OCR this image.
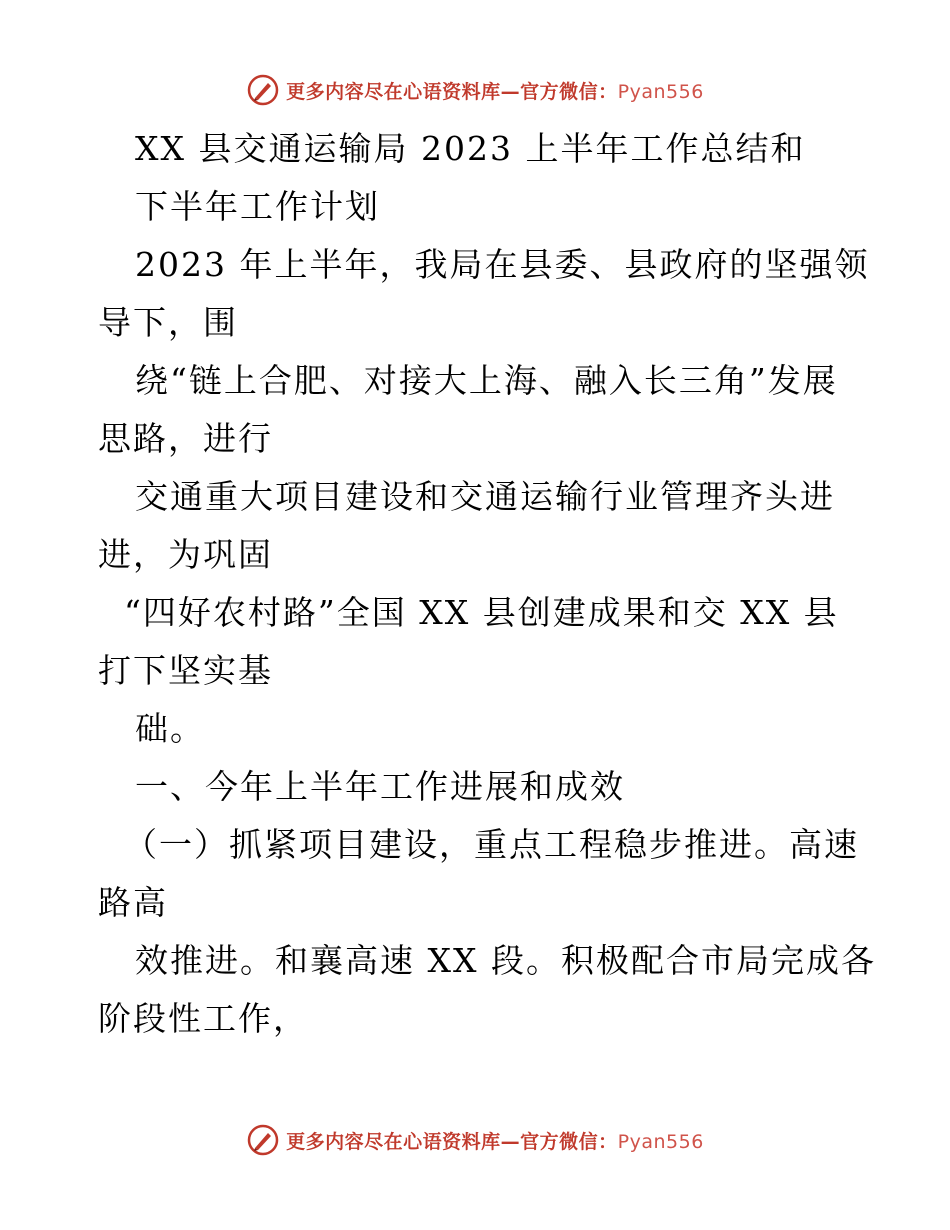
更多内容尽在心语资料库—官方微信：Pyan556
XX 县交通运输局 2023 上半年工作总结和
下半年工作计划
2023 年上半年，我局在县委、县政府的坚强领
导下，围
绕“链上合肥、对接大上海、融入长三角”发展
思路，进行
交通重大项目建设和交通运输行业管理齐头进
进，为巩固
“四好农村路”全国 XX 县创建成果和交 XX 县
打下坚实基
础。
一、今年上半年工作进展和成效
（一）抓紧项目建设，重点工程稳步推进。高速
路高
效推进。和襄高速 XX 段。积极配合市局完成各
阶段性工作，
更多内容尽在心语资料库—官方微信：Pyan556
